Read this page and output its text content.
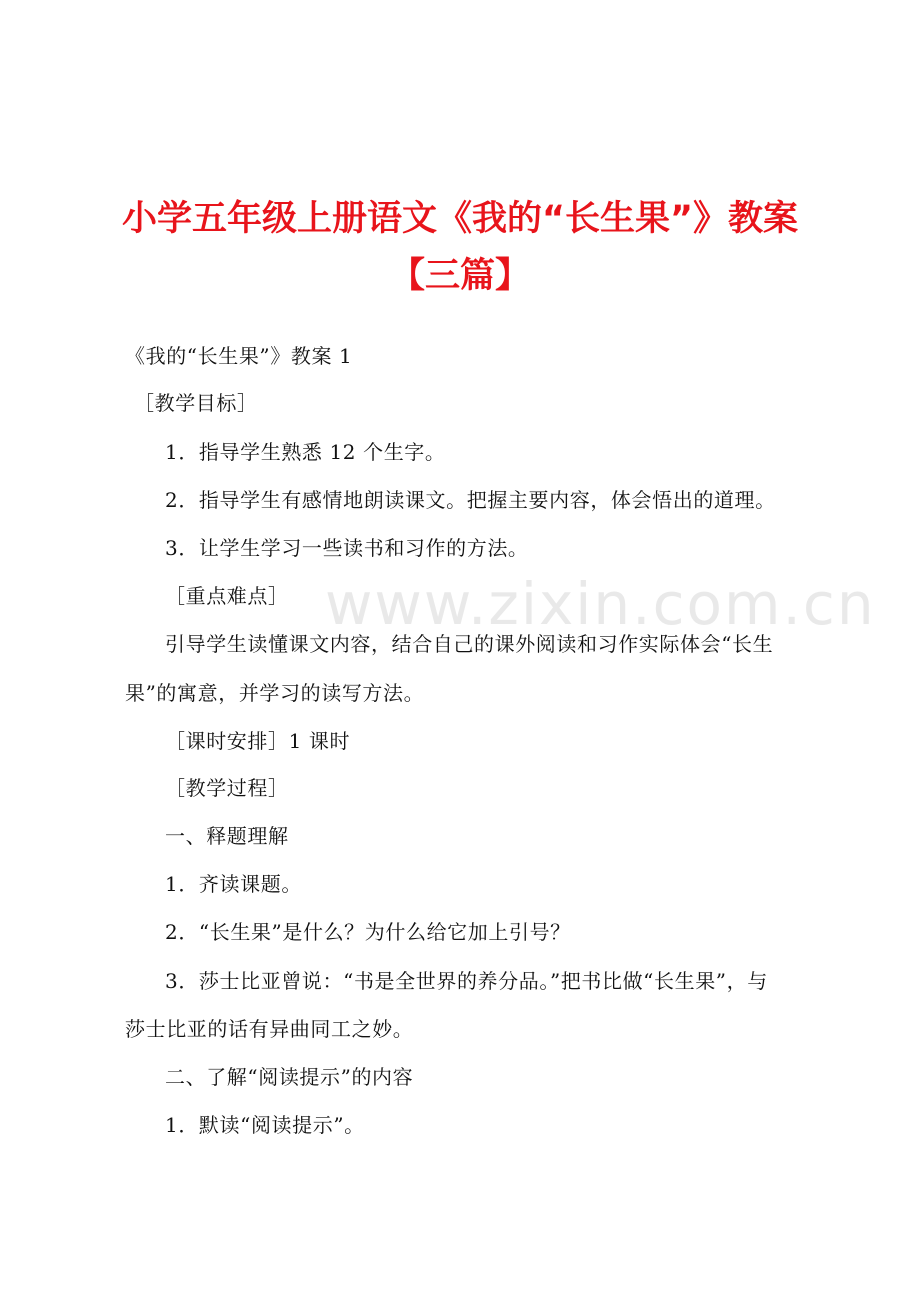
www.zixin.com.cn
小学五年级上册语文《我的“长生果”》教案
【三篇】
《我的“长生果”》教案 1
［教学目标］
1．指导学生熟悉 12 个生字。
2．指导学生有感情地朗读课文。把握主要内容，体会悟出的道理。
3．让学生学习一些读书和习作的方法。
［重点难点］
引导学生读懂课文内容，结合自己的课外阅读和习作实际体会“长生
果”的寓意，并学习的读写方法。
［课时安排］1 课时
［教学过程］
一、释题理解
1．齐读课题。
2．“长生果”是什么？为什么给它加上引号？
3．莎士比亚曾说：“书是全世界的养分品。”把书比做“长生果”，与
莎士比亚的话有异曲同工之妙。
二、了解“阅读提示”的内容
1．默读“阅读提示”。
